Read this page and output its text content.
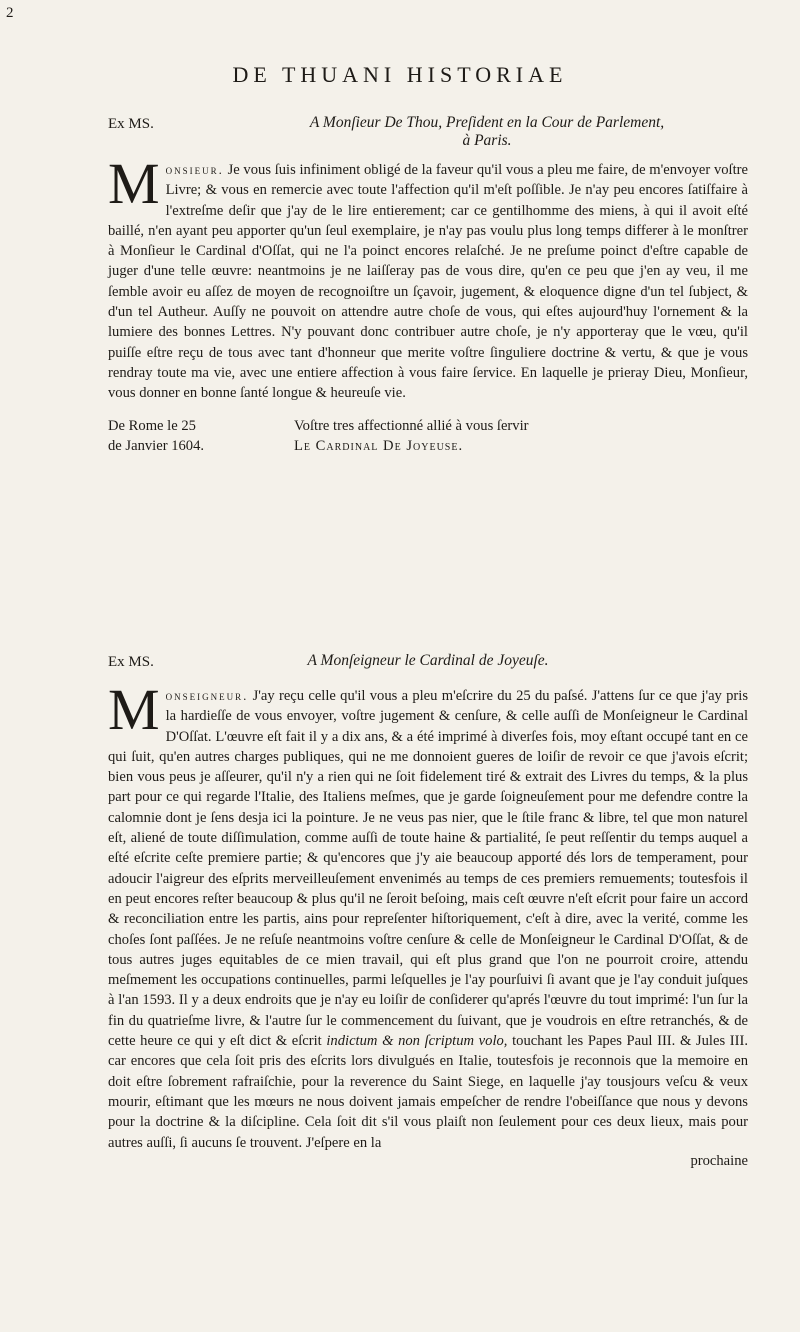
2
DE THUANI HISTORIAE
Ex MS.	A Monſieur De Thou, Preſident en la Cour de Parlement,
à Paris.
Monsieur. Je vous ſuis infiniment obligé de la faveur qu'il vous a pleu me faire, de m'envoyer voſtre Livre; & vous en remercie avec toute l'affection qu'il m'eſt poſſible. Je n'ay peu encores ſatiſfaire à l'extreſme deſir que j'ay de le lire entierement; car ce gentilhomme des miens, à qui il avoit eſté baillé, n'en ayant peu apporter qu'un ſeul exemplaire, je n'ay pas voulu plus long temps differer à le monſtrer à Monſieur le Cardinal d'Oſſat, qui ne l'a poinct encores relaſché. Je ne preſume poinct d'eſtre capable de juger d'une telle œuvre: neantmoins je ne laiſſeray pas de vous dire, qu'en ce peu que j'en ay veu, il me ſemble avoir eu aſſez de moyen de recognoiſtre un ſçavoir, jugement, & eloquence digne d'un tel ſubject, & d'un tel Autheur. Auſſy ne pouvoit on attendre autre choſe de vous, qui eſtes aujourd'huy l'ornement & la lumiere des bonnes Lettres. N'y pouvant donc contribuer autre choſe, je n'y apporteray que le vœu, qu'il puiſſe eſtre reçu de tous avec tant d'honneur que merite voſtre ſinguliere doctrine & vertu, & que je vous rendray toute ma vie, avec une entiere affection à vous faire ſervice. En laquelle je prieray Dieu, Monſieur, vous donner en bonne ſanté longue & heureuſe vie.
De Rome le 25
de Janvier 1604.
Voſtre tres affectionné allié à vous ſervir
Le Cardinal De Joyeuse.
Ex MS.	A Monſeigneur le Cardinal de Joyeuſe.
Monseigneur. J'ay reçu celle qu'il vous a pleu m'eſcrire du 25 du paſsé. J'attens ſur ce que j'ay pris la hardieſſe de vous envoyer, voſtre jugement & cenſure, & celle auſſi de Monſeigneur le Cardinal D'Oſſat. L'œuvre eſt fait il y a dix ans, & a été imprimé à diverſes fois, moy eſtant occupé tant en ce qui ſuit, qu'en autres charges publiques, qui ne me donnoient gueres de loiſir de revoir ce que j'avois eſcrit; bien vous peus je aſſeurer, qu'il n'y a rien qui ne ſoit fidelement tiré & extrait des Livres du temps, & la plus part pour ce qui regarde l'Italie, des Italiens meſmes, que je garde ſoigneuſement pour me defendre contre la calomnie dont je ſens desja ici la pointure. Je ne veus pas nier, que le ſtile franc & libre, tel que mon naturel eſt, aliené de toute diſſimulation, comme auſſi de toute haine & partialité, ſe peut reſſentir du temps auquel a eſté eſcrite ceſte premiere partie; & qu'encores que j'y aie beaucoup apporté dés lors de temperament, pour adoucir l'aigreur des eſprits merveilleuſement envenimés au temps de ces premiers remuements; toutesfois il en peut encores reſter beaucoup & plus qu'il ne ſeroit beſoing, mais ceſt œuvre n'eſt eſcrit pour faire un accord & reconciliation entre les partis, ains pour repreſenter hiſtoriquement, c'eſt à dire, avec la verité, comme les choſes ſont paſſées. Je ne reſuſe neantmoins voſtre cenſure & celle de Monſeigneur le Cardinal D'Oſſat, & de tous autres juges equitables de ce mien travail, qui eſt plus grand que l'on ne pourroit croire, attendu meſmement les occupations continuelles, parmi leſquelles je l'ay pourſuivi ſi avant que je l'ay conduit juſques à l'an 1593. Il y a deux endroits que je n'ay eu loiſir de conſiderer qu'aprés l'œuvre du tout imprimé: l'un ſur la fin du quatrieſme livre, & l'autre ſur le commencement du ſuivant, que je voudrois en eſtre retranchés, & de cette heure ce qui y eſt dict & eſcrit indictum & non ſcriptum volo, touchant les Papes Paul III. & Jules III. car encores que cela ſoit pris des eſcrits lors divulgués en Italie, toutesfois je reconnois que la memoire en doit eſtre ſobrement rafraiſchie, pour la reverence du Saint Siege, en laquelle j'ay tousjours veſcu & veux mourir, eſtimant que les mœurs ne nous doivent jamais empeſcher de rendre l'obeiſſance que nous y devons pour la doctrine & la diſcipline. Cela ſoit dit s'il vous plaiſt non ſeulement pour ces deux lieux, mais pour autres auſſi, ſi aucuns ſe trouvent. J'eſpere en la
prochaine
